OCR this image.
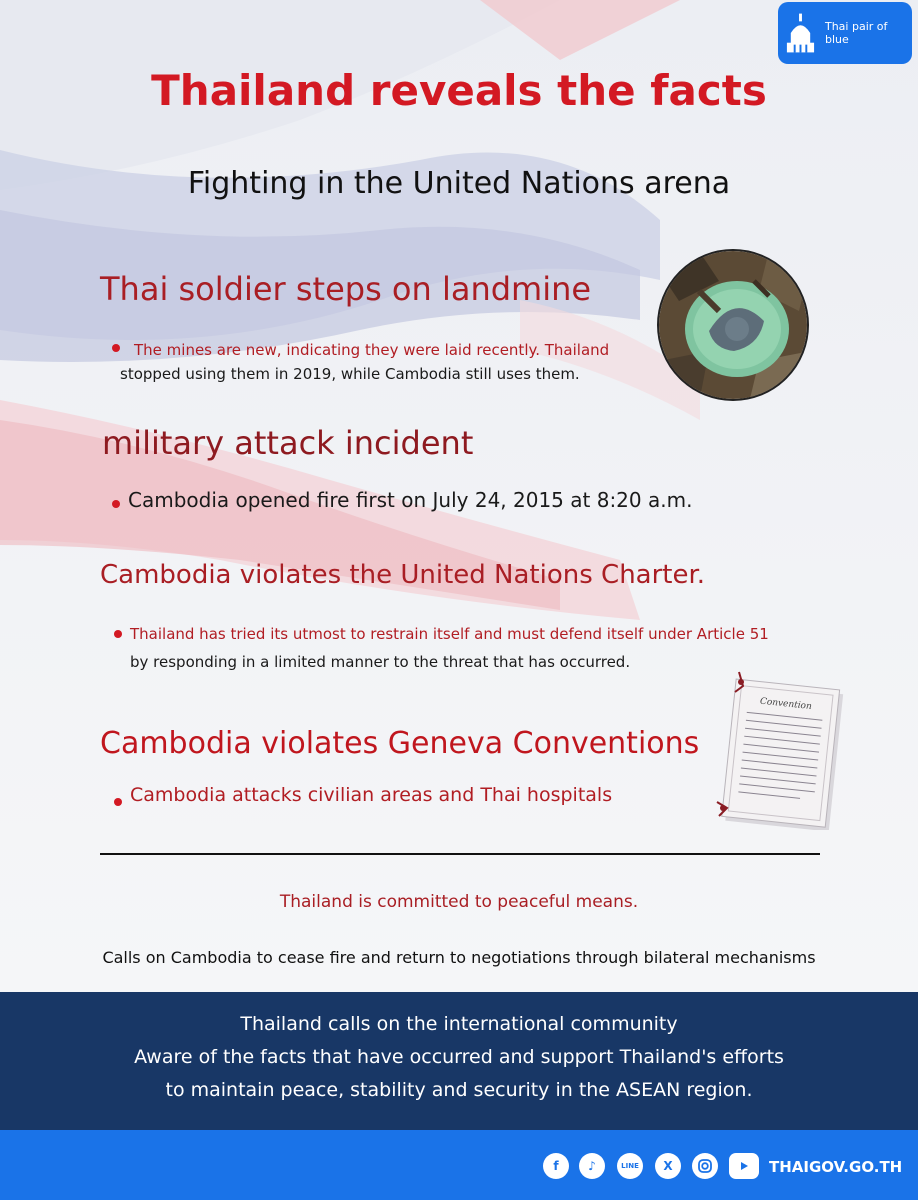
Thai pair of blue
Thailand reveals the facts
Fighting in the United Nations arena
Thai soldier steps on landmine
The mines are new, indicating they were laid recently. Thailand
stopped using them in 2019, while Cambodia still uses them.
military attack incident
Cambodia opened fire first on July 24, 2015 at 8:20 a.m.
Cambodia violates the United Nations Charter.
Thailand has tried its utmost to restrain itself and must defend itself under Article 51
by responding in a limited manner to the threat that has occurred.
Cambodia violates Geneva Conventions
Cambodia attacks civilian areas and Thai hospitals
Convention
Thailand is committed to peaceful means.
Calls on Cambodia to cease fire and return to negotiations through bilateral mechanisms
Thailand calls on the international community
Aware of the facts that have occurred and support Thailand's efforts
to maintain peace, stability and security in the ASEAN region.
f	♪	LINE	X	THAIGOV.GO.TH
